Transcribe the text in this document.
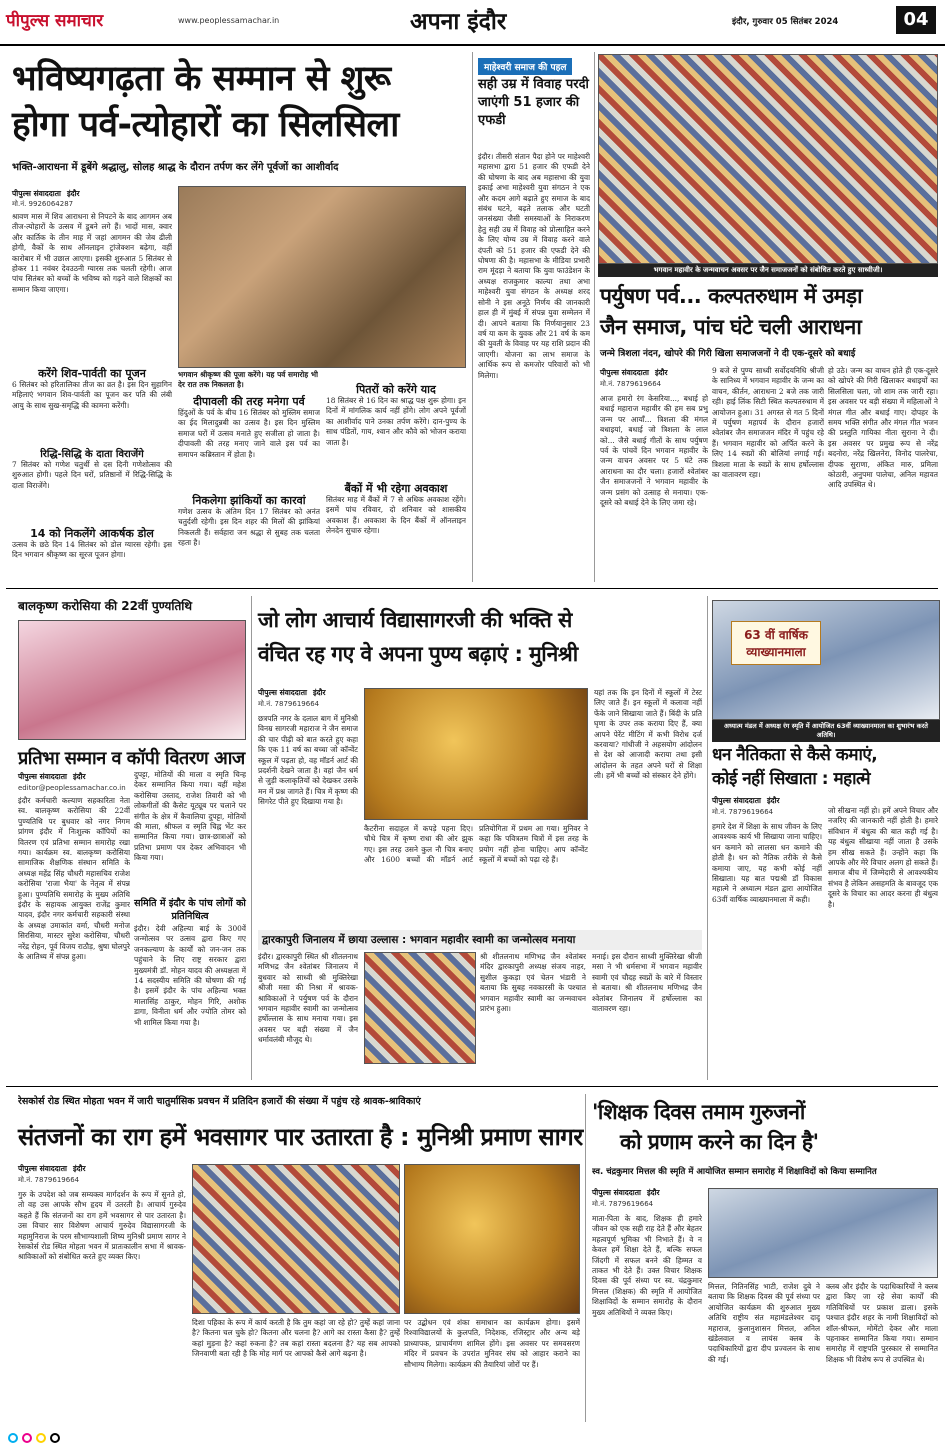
पीपुल्स समाचार	www.peoplessamachar.in	अपना इंदौर	इंदौर, गुरुवार 05 सितंबर 2024	04
भविष्यगढ़ता के सम्मान से शुरू
होगा पर्व-त्योहारों का सिलसिला
भक्ति-आराधना में डूबेंगे श्रद्धालु, सोलह श्राद्ध के दौरान तर्पण कर लेंगे पूर्वजों का आशीर्वाद
पीपुल्स संवाददाता इंदौर
मो.नं. 9926064287
भगवान श्रीकृष्ण की पूजा करेंगे। यह पर्व समारोह भी देर रात तक निकलता है।
श्रावण मास में शिव आराधना से निपटने के बाद आगमन अब तीज-त्योहारों के उत्सव में डूबने लगे हैं। भादों मास, क्वार और कार्तिक के तीन माह में जहां आगमन की जेब ढीली होगी, वैकों के साथ ऑनलाइन ट्रांजेक्शन बढ़ेगा, वहीं कारोबार में भी उछाल आएगा। इसकी शुरुआत 5 सितंबर से होकर 11 नवंबर देवउठनी ग्यारस तक चलती रहेगी। आज पांच सितंबर को बच्चों के भविष्य को गढ़ने वाले शिक्षकों का सम्मान किया जाएगा।
करेंगे शिव-पार्वती का पूजन
6 सितंबर को हरितालिका तीज का व्रत है। इस दिन सुहागिन महिलाएं भगवान शिव-पार्वती का पूजन कर पति की लंबी आयु के साथ सुख-समृद्धि की कामना करेंगी।
रिद्धि-सिद्धि के दाता विराजेंगे
7 सितंबर को गणेश चतुर्थी से दस दिनी गणेशोत्सव की शुरुआत होगी। पहले दिन घरों, प्रतिष्ठानों में रिद्धि-सिद्धि के दाता विराजेंगे।
14 को निकलेंगे आकर्षक डोल
उत्सव के छठे दिन 14 सितंबर को डोल ग्यारस रहेगी। इस दिन भगवान श्रीकृष्ण का सूरज पूजन होगा।
दीपावली की तरह मनेगा पर्व
हिंदुओं के पर्व के बीच 16 सितंबर को मुस्लिम समाज का ईद मिलादुन्नबी का उत्सव है। इस दिन मुस्लिम समाज घरों में उत्सव मनाते हुए सजीला हो जाता है। दीपावली की तरह मनाए जाने वाले इस पर्व का समापन कब्रिस्तान में होता है।
निकलेगा झांकियों का कारवां
गणेश उत्सव के अंतिम दिन 17 सितंबर को अनंत चतुर्दशी रहेगी। इस दिन शहर की मिलों की झांकियां निकलती हैं। सर्वहारा जन श्रद्धा से सुबह तक चलता रहता है।
पितरों को करेंगे याद
18 सितंबर से 16 दिन का श्राद्ध पक्ष शुरू होगा। इन दिनों में मांगलिक कार्य नहीं होंगे। लोग अपने पूर्वजों का आशीर्वाद पाने उनका तर्पण करेंगे। दान-पुण्य के साथ पंडितों, गाय, श्वान और कौवे को भोजन कराया जाता है।
बैंकों में भी रहेगा अवकाश
सितंबर माह में बैंकों में 7 से अधिक अवकाश रहेंगे। इसमें पांच रविवार, दो शनिवार को शासकीय अवकाश हैं। अवकाश के दिन बैंकों में ऑनलाइन लेनदेन सुचारु रहेगा।
माहेश्वरी समाज की पहल
सही उम्र में विवाह परदी जाएंगी 51 हजार की एफडी
इंदौर। तीसरी संतान पैदा होने पर माहेश्वरी महासभा द्वारा 51 हजार की एफडी देने की घोषणा के बाद अब महासभा की युवा इकाई अभा माहेश्वरी युवा संगठन ने एक और कदम आगे बढ़ाते हुए समाज के बाद संबंध घटने, बढ़ते तलाक और घटती जनसंख्या जैसी समस्याओं के निराकरण हेतु सही उम्र में विवाह को प्रोत्साहित करने के लिए योग्य उम्र में विवाह करने वाले दंपती को 51 हजार की एफडी देने की घोषणा की है। महासभा के मीडिया प्रभारी राम मूंदड़ा ने बताया कि युवा फाउंडेशन के अध्यक्ष राजकुमार काल्या तथा अभा माहेश्वरी युवा संगठन के अध्यक्ष शरद सोनी ने इस अनूठे निर्णय की जानकारी हाल ही में मुंबई में संपन्न युवा सम्मेलन में दी। आपने बताया कि निर्णयानुसार 23 वर्ष या कम के युवक और 21 वर्ष के कम की युवती के विवाह पर यह राशि प्रदान की जाएगी। योजना का लाभ समाज के आर्थिक रूप से कमजोर परिवारों को भी मिलेगा।
भगवान महावीर के जन्मवाचन अवसर पर जैन समाजजनों को संबोधित करते हुए साध्वीजी।
पर्युषण पर्व... कल्पतरुधाम में उमड़ा
जैन समाज, पांच घंटे चली आराधना
जन्मे त्रिशला नंदन, खोपरे की गिरी खिला समाजजनों ने दी एक-दूसरे को बधाई
पीपुल्स संवाददाता इंदौर
मो.नं. 7879619664
आज हमारो रंग केसरिया..., बधाई हो बधाई महाराज महावीर की हम सब प्रभु जन्म पर आयाँ... त्रिशला की मंगल बधाइयां, बधाई जो त्रिशला के लाल को... जैसे बधाई गीतों के साथ पर्युषण पर्व के पांचवें दिन भगवान महावीर के जन्म वाचन अवसर पर 5 घंटे तक आराधना का दौर चला। हजारों श्वेतांबर जैन समाजजनों ने भगवान महावीर के जन्म प्रसंग को उत्साह से मनाया। एक-दूसरे को बधाई देने के लिए जमा रहे।
9 बजे से पुण्य साध्वी सर्वोदयनिधि श्रीजी के सानिध्य में भगवान महावीर के जन्म का वाचन, कीर्तन, आराधना 2 बजे तक जारी रही। हाई लिंक सिटी स्थित कल्पतरुधाम में आयोजन हुआ। 31 अगस्त से गत 5 दिनों में पर्युषण महापर्व के दौरान हजारों श्वेतांबर जैन समाजजन मंदिर में पहुंच रहे हैं। भगवान महावीर को अर्पित करने के लिए 14 स्वप्नों की बोलियां लगाई गईं। त्रिशला माता के स्वप्नों के साथ हर्षोल्लास का वातावरण रहा।
हो उठे। जन्म का वाचन होते ही एक-दूसरे को खोपरे की गिरी खिलाकर बधाइयों का सिलसिला चला, जो शाम तक जारी रहा। इस अवसर पर बड़ी संख्या में महिलाओं ने मंगल गीत और बधाई गाए। दोपहर के समय भक्ति संगीत और मंगल गीत भजन की प्रस्तुति गायिका नीता सुराना ने दी। इस अवसर पर प्रमुख रूप से नरेंद्र बदनोरा, नरेंद्र खिलनेरा, विनोद पालरेचा, दीपक सुराणा, अंकित मारु, प्रमिला कोठारी, अनुपमा पालेचा, अनिल महावत आदि उपस्थित थे।
बालकृष्ण करोसिया की 22वीं पुण्यतिथि
प्रतिभा सम्मान व कॉपी वितरण आज
पीपुल्स संवाददाता इंदौर
editor@peoplessamachar.co.in
इंदौर कर्मचारी कल्याण सहकारिता नेता स्व. बालकृष्ण करोसिया की 22वीं पुण्यतिथि पर बुधवार को नगर निगम प्रांगण इंदौर में निःशुल्क कॉपियों का वितरण एवं प्रतिभा सम्मान समारोह रखा गया। कार्यक्रम स्व. बालकृष्ण करोसिया सामाजिक शैक्षणिक संस्थान समिति के अध्यक्ष महेंद्र सिंह चौधरी महासचिव राजेश करोसिया 'राजा भैया' के नेतृत्व में संपन्न हुआ। पुण्यतिथि समारोह के मुख्य अतिथि इंदौर के सहायक आयुक्त राजेंद्र कुमार यादव, इंदौर नगर कर्मचारी सहकारी संस्था के अध्यक्ष उमाकांत वर्मा, चौधरी मनोज सिरसिया, मास्टर सुरेश करोसिया, चौधरी नरेंद्र रोहन, पूर्व विजय राठौड़, श्रुषा घोलपुरे के आतिथ्य में संपन्न हुआ।
दुपट्टा, मोतियों की माला व स्मृति चिन्ह देकर सम्मानित किया गया। यहीं महेश करोसिया उस्ताद, राजेश तिवारी को भी लोकगीतों की कैसेट यूट्यूब पर चलाने पर संगीत के क्षेत्र में कैवालिया दुपट्टा, मोतियों की माला, श्रीफल व स्मृति चिह्न भेंट कर सम्मानित किया गया। छात्र-छात्राओं को प्रतिभा प्रमाण पत्र देकर अभिवादन भी किया गया।
समिति में इंदौर के पांच लोगों को प्रतिनिधित्व
इंदौर। देवी अहिल्या बाई के 300वें जन्मोत्सव पर उत्सव द्वारा किए गए जनकल्याण के कार्यों को जन-जन तक पहुंचाने के लिए राष्ट्र सरकार द्वारा मुख्यमंत्री डॉ. मोहन यादव की अध्यक्षता में 14 सदस्यीय समिति की घोषणा की गई है। इसमें इंदौर के पांच अहिल्या भक्त मालासिंह ठाकुर, मोहन गिरि, अशोक डागा, विनीता धर्म और ज्योति तोमर को भी शामिल किया गया है।
जो लोग आचार्य विद्यासागरजी की भक्ति से
वंचित रह गए वे अपना पुण्य बढ़ाएं : मुनिश्री
पीपुल्स संवाददाता इंदौर
मो.नं. 7879619664
छत्रपति नगर के दलाल बाग में मुनिश्री विनम्र सागरजी महाराज ने जैन समाज की चार पीढ़ी को बात करते हुए कहा कि एक 11 वर्ष का बच्चा जो कॉन्वेंट स्कूल में पढ़ता हो, वह मॉडर्न आर्ट की प्रदर्शनी देखने जाता है। वहां जैन धर्म से जुड़ी कलाकृतियों को देखकर उसके मन में प्रश्न जागते हैं। चित्र में कृष्ण की सिगरेट पीते हुए दिखाया गया है।
कैटरीना सदाहल में कपड़े पहना दिए। चौथे चित्र में कृष्ण राधा की ओर झुक गए। इस तरह उसने कुल नौ चित्र बनाए और 1600 बच्चों की मॉडर्न आर्ट प्रतियोगिता में प्रथम आ गया। मुनिवर ने कहा कि पवित्रतम चित्रों में इस तरह के प्रयोग नहीं होना चाहिए। आप कॉन्वेंट स्कूलों में बच्चों को पढ़ा रहे हैं।
यहां तक कि इन दिनों में स्कूलों में टेस्ट लिए जाते हैं। इन स्कूलों में कलावा नहीं फेंके जाने सिखाया जाते हैं। बिंदी के प्रति घृणा के उपर तक कराया दिए हैं, क्या आपने पेरेंट मीटिंग में कभी विरोध दर्ज करवाया? गांधीजी ने अहसयोग आंदोलन से देश को आजादी कराया तथा इसी आंदोलन के तहत अपने घरों से शिक्षा ली। हमें भी बच्चों को संस्कार देने होंगे।
द्वारकापुरी जिनालय में छाया उल्लास : भगवान महावीर स्वामी का जन्मोत्सव मनाया
इंदौर। द्वारकापुरी स्थित श्री शीतलनाथ मणिभद्र जैन श्वेतांबर जिनालय में बुधवार को साध्वी श्री मुक्तिरेखा श्रीजी मसा की निश्रा में श्रावक-श्राविकाओं ने पर्युषण पर्व के दौरान भगवान महावीर स्वामी का जन्मोत्सव हर्षोल्लास के साथ मनाया गया। इस अवसर पर बड़ी संख्या में जैन धर्मावलंबी मौजूद थे।
श्री शीतलनाथ मणिभद्र जैन श्वेतांबर मंदिर द्वारकापुरी अध्यक्ष संजय नाहर, सुशील कुकड़ा एवं चेतन भंडारी ने बताया कि सुबह नवकारसी के पश्चात भगवान महावीर स्वामी का जन्मवाचन प्रारंभ हुआ।
मनाई। इस दौरान साध्वी मुक्तिरेखा श्रीजी मसा ने भी धर्मसभा में भगवान महावीर स्वामी एवं चौदह स्वप्नों के बारे में विस्तार से बताया। श्री शीतलनाथ मणिभद्र जैन श्वेतांबर जिनालय में हर्षोल्लास का वातावरण रहा।
63 वीं वार्षिक व्याख्यानमाला
अध्यात्म मंडल में अध्यक्ष रंग स्मृति में आयोजित 63वीं व्याख्यानमाला का शुभारंभ करते अतिथि।
धन नैतिकता से कैसे कमाएं,
कोई नहीं सिखाता : महात्मे
पीपुल्स संवाददाता इंदौर
मो.नं. 7879619664
हमारे देश में शिक्षा के साथ जीवन के लिए आवश्यक कार्य भी सिखाया जाना चाहिए। धन कमाने को लालसा धन कमाने की होती है। धन को नैतिक तरीके से कैसे कमाया जाए, यह कभी कोई नहीं सिखाता। यह बात पद्मश्री डॉ विकास महात्मे ने अध्यात्म मंडल द्वारा आयोजित 63वीं वार्षिक व्याख्यानमाला में कही।
जो सीखना नहीं हो। हमें अपने विचार और नजरिए की जानकारी नहीं होती है। हमारे संविधान में बंधुत्व की बात कही गई है। यह बंधुत्व सीखाया नहीं जाता है उसके हम सीख सकते हैं। उन्होंने कहा कि आपके और मेरे विचार अलग हो सकते हैं। समाज बीच में जिम्मेदारी से आवश्यकीय संभव है लेकिन असहमति के बावजूद एक दूसरे के विचार का आदर करना ही बंधुत्व है।
रेसकोर्स रोड स्थित मोहता भवन में जारी चातुर्मासिक प्रवचन में प्रतिदिन हजारों की संख्या में पहुंच रहे श्रावक-श्राविकाएं
संतजनों का राग हमें भवसागर पार उतारता है : मुनिश्री प्रमाण सागर
पीपुल्स संवाददाता इंदौर
मो.नं. 7879619664
गुरु के उपदेश को जब सम्यक्त्व मार्गदर्शन के रूप में सुनते हो, तो वह उस आपके सौभ हृदय में उतरती है। आचार्य गुरुदेव कहते हैं कि संतजनों का राग हमें भवसागर से पार उतारता है। उस विचार सार विशेषण आचार्य गुरुदेव विद्यासागरजी के महामुनिराज के परम सौभाग्यशाली शिष्य मुनिश्री प्रमाण सागर ने रेसकोर्स रोड स्थित मोहता भवन में प्रातःकालीन सभा में श्रावक-श्राविकाओं को संबोधित करते हुए व्यक्त किए।
दिशा पहिका के रूप में कार्य करती है कि तुम कहां जा रहे हो? तुम्हें कहां जाना है? कितना चल चुके हो? कितना और चलना है? आगे का रास्ता कैसा है? तुम्हें कहां मुड़ना है? कहां रुकना है? तब कहां रास्ता बदलना है? यह सब आपको जिनवाणी बता रही है कि मोह मार्ग पर आपको कैसे आगे बढ़ना है।
पर उद्बोधन एवं शंका समाधान का कार्यक्रम होगा। इसमें रिश्वाविद्यालयों के कुलपति, निदेशक, रजिस्ट्रार और अन्य बड़े प्राध्यापक, प्राचार्यगण शामिल होंगे। इस अवसर पर समवसरण मंदिर में प्रवचन के उपरांत मुनिवर संघ को आहार कराने का सौभाग्य मिलेगा। कार्यक्रम की तैयारियां जोरों पर हैं।
'शिक्षक दिवस तमाम गुरुजनों
को प्रणाम करने का दिन है'
स्व. चंद्रकुमार मित्तल की स्मृति में आयोजित सम्मान समारोह में शिक्षाविदों को किया सम्मानित
पीपुल्स संवाददाता इंदौर
मो.नं. 7879619664
माता-पिता के बाद, शिक्षक ही हमारे जीवन को एक सही राह देते हैं और बेहतर महत्वपूर्ण भूमिका भी निभाते हैं। वे न केवल हमें शिक्षा देते हैं, बल्कि सफल जिंदगी में सफल बनने की हिम्मत व ताकत भी देते हैं। उक्त विचार शिक्षक दिवस की पूर्व संध्या पर स्व. चंद्रकुमार मित्तल (शिक्षक) की स्मृति में आयोजित शिक्षाविदों के सम्मान समारोह के दौरान मुख्य अतिथियों ने व्यक्त किए।
मित्तल, नितिनसिंह भाटी, राजेश दुबे ने बताया कि शिक्षक दिवस की पूर्व संध्या पर आयोजित कार्यक्रम की शुरुआत मुख्य अतिथि राष्ट्रीय संत महामंडलेश्वर दादू महाराज, कुलानुशासन मित्तल, अनिल खंडेलवाल व लायंस क्लब के पदाधिकारियों द्वारा दीप प्रज्वलन के साथ की गई।
क्लब और इंदौर के पदाधिकारियों ने क्लब द्वारा किए जा रहे सेवा कार्यों की गतिविधियों पर प्रकाश डाला। इसके पश्चात इंदौर शहर के नामी शिक्षाविदों को शॉल-श्रीफल, मोमेंटो देकर और माला पहनाकर सम्मानित किया गया। सम्मान समारोह में राष्ट्रपति पुरस्कार से सम्मानित शिक्षक भी विशेष रूप से उपस्थित थे।
